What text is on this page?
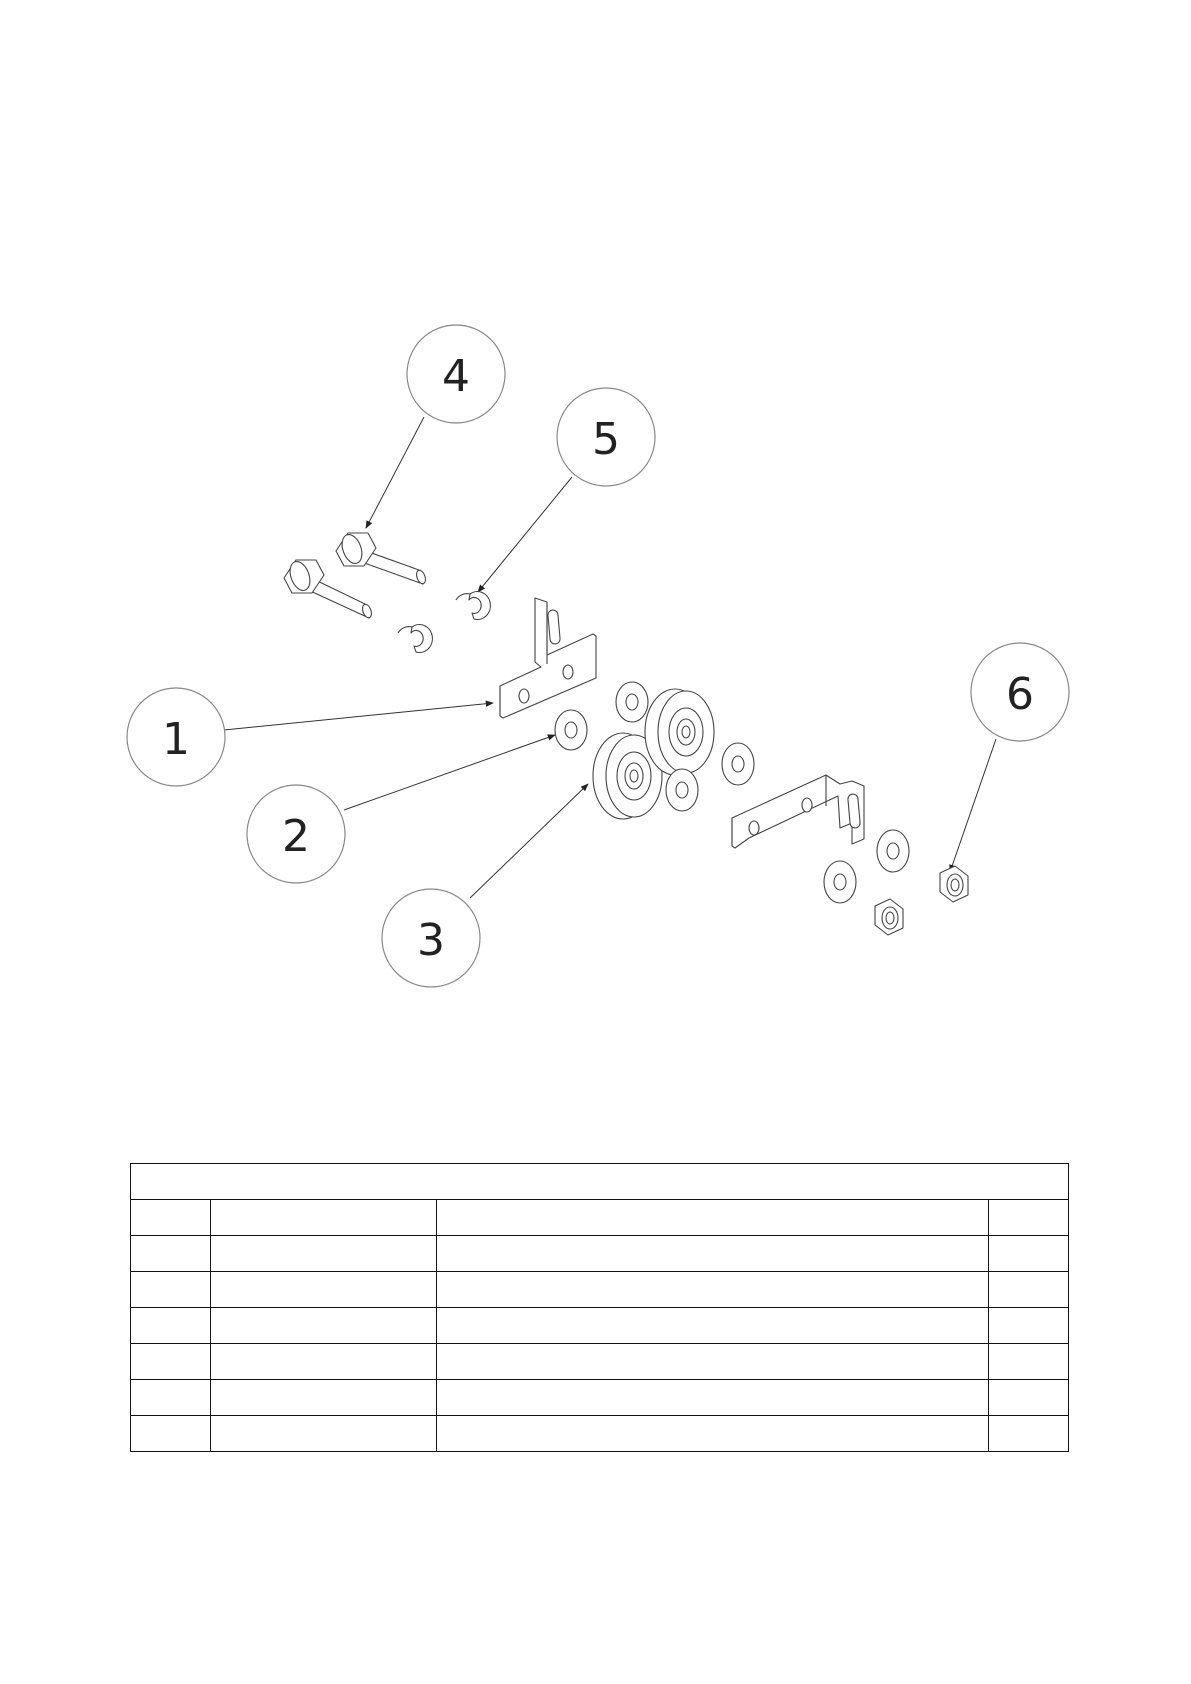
4
5
1
2
3
6
